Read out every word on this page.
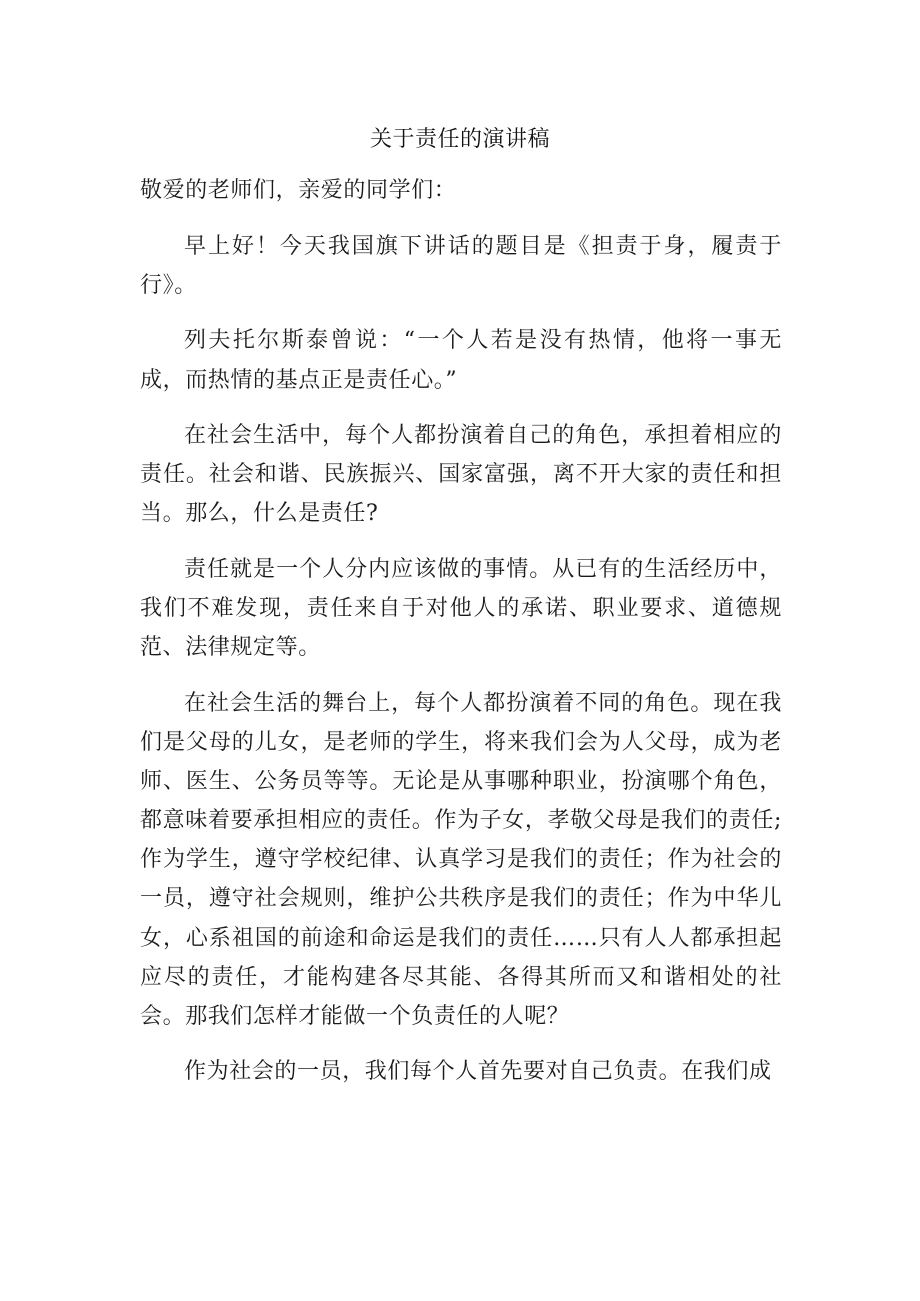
关于责任的演讲稿

敬爱的老师们，亲爱的同学们：

早上好！今天我国旗下讲话的题目是《担责于身，履责于行》。

列夫托尔斯泰曾说：“一个人若是没有热情，他将一事无成，而热情的基点正是责任心。”

在社会生活中，每个人都扮演着自己的角色，承担着相应的责任。社会和谐、民族振兴、国家富强，离不开大家的责任和担当。那么，什么是责任?

责任就是一个人分内应该做的事情。从已有的生活经历中，我们不难发现，责任来自于对他人的承诺、职业要求、道德规范、法律规定等。

在社会生活的舞台上，每个人都扮演着不同的角色。现在我们是父母的儿女，是老师的学生，将来我们会为人父母，成为老师、医生、公务员等等。无论是从事哪种职业，扮演哪个角色，都意味着要承担相应的责任。作为子女，孝敬父母是我们的责任;作为学生，遵守学校纪律、认真学习是我们的责任；作为社会的一员，遵守社会规则，维护公共秩序是我们的责任；作为中华儿女，心系祖国的前途和命运是我们的责任……只有人人都承担起应尽的责任，才能构建各尽其能、各得其所而又和谐相处的社会。那我们怎样才能做一个负责任的人呢？

作为社会的一员，我们每个人首先要对自己负责。在我们成
